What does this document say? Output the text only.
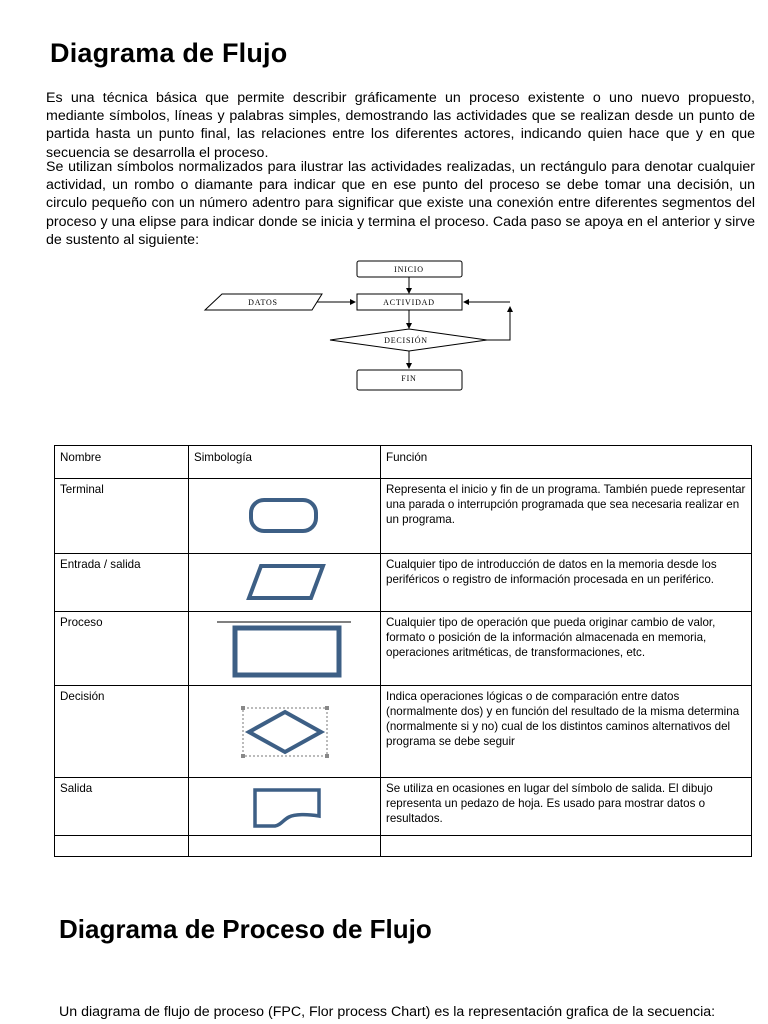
Diagrama de Flujo

Es una técnica básica que permite describir gráficamente un proceso existente o uno nuevo propuesto, mediante símbolos, líneas y palabras simples, demostrando las actividades que se realizan desde un punto de partida hasta un punto final, las relaciones entre los diferentes actores, indicando quien hace que y en que secuencia se desarrolla el proceso.

Se utilizan símbolos normalizados para ilustrar las actividades realizadas, un rectángulo para denotar cualquier actividad, un rombo o diamante para indicar que en ese punto del proceso se debe tomar una decisión, un circulo pequeño con un número adentro para significar que existe una conexión entre diferentes segmentos del proceso y una elipse para indicar donde se inicia y termina el proceso. Cada paso se apoya en el anterior y sirve de sustento al siguiente:

INICIO
DATOS	ACTIVIDAD
DECISIÓN
FIN
Nombre	Simbología	Función
Terminal		Representa el inicio y fin de un programa. También puede representar una parada o interrupción programada que sea necesaria realizar en un programa.
Entrada / salida		Cualquier tipo de introducción de datos en la memoria desde los periféricos o registro de información procesada en un periférico.
Proceso		Cualquier tipo de operación que pueda originar cambio de valor, formato o posición de la información almacenada en memoria, operaciones aritméticas, de transformaciones, etc.
Decisión		Indica operaciones lógicas o de comparación entre datos (normalmente dos) y en función del resultado de la misma determina (normalmente si y no) cual de los distintos caminos alternativos del programa se debe seguir
Salida		Se utiliza en ocasiones en lugar del símbolo de salida. El dibujo representa un pedazo de hoja. Es usado para mostrar datos o resultados.

Diagrama de Proceso de Flujo

Un diagrama de flujo de proceso (FPC, Flor process Chart) es la representación grafica de la secuencia:
